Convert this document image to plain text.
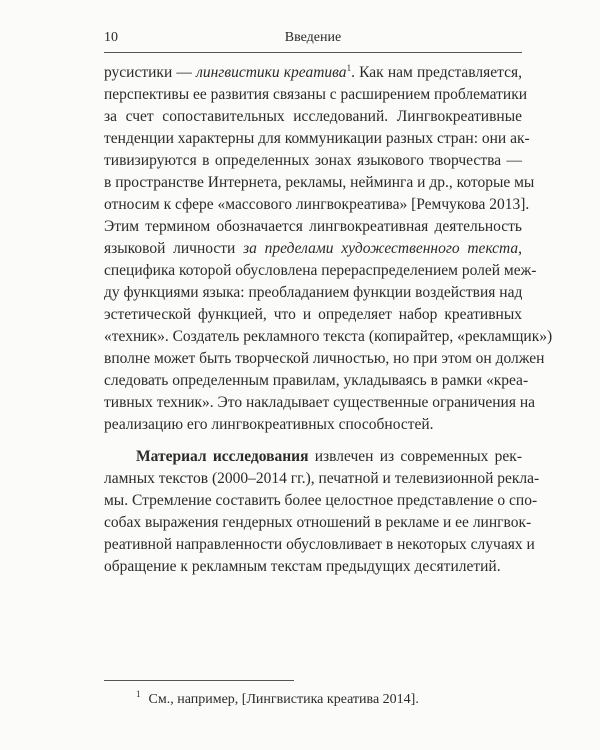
10	Введение
русистики — лингвистики креатива$^1$. Как нам представляется,
перспективы ее развития связаны с расширением проблематики
за счет сопоставительных исследований. Лингвокреативные
тенденции характерны для коммуникации разных стран: они ак-
тивизируются в определенных зонах языкового творчества —
в пространстве Интернета, рекламы, нейминга и др., которые мы
относим к сфере «массового лингвокреатива» [Ремчукова 2013].
Этим термином обозначается лингвокреативная деятельность
языковой личности за пределами художественного текста,
специфика которой обусловлена перераспределением ролей меж-
ду функциями языка: преобладанием функции воздействия над
эстетической функцией, что и определяет набор креативных
«техник». Создатель рекламного текста (копирайтер, «рекламщик»)
вполне может быть творческой личностью, но при этом он должен
следовать определенным правилам, укладываясь в рамки «креа-
тивных техник». Это накладывает существенные ограничения на
реализацию его лингвокреативных способностей.
Материал исследования извлечен из современных рек-
ламных текстов (2000–2014 гг.), печатной и телевизионной рекла-
мы. Стремление составить более целостное представление о спо-
собах выражения гендерных отношений в рекламе и ее лингвок-
реативной направленности обусловливает в некоторых случаях и
обращение к рекламным текстам предыдущих десятилетий.
$^1$ См., например, [Лингвистика креатива 2014].
